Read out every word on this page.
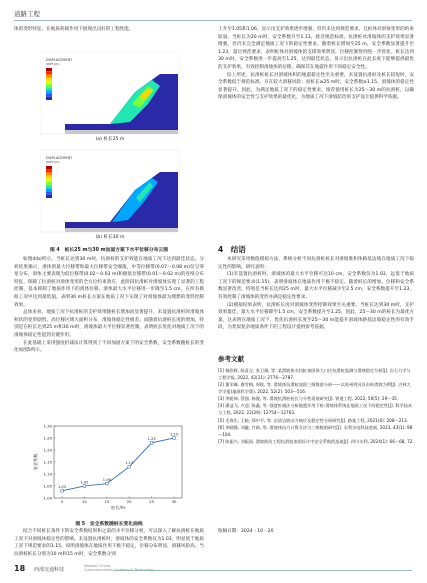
道路工程

体的变形特征，在地质荷载作用下展现出良好的工程性能。

DISPLACEMENT
UNIT (m)
DISPLACEMENT
UNIT (m)
(a) 桩长25 m
(b) 桩长30 m
图 4　桩长25 m与30 m加固方案下水平位移分布云图

如图4(b)所示，当桩长达到30 m时，抗滑桩的支护效能在地质工况下达到最佳状态。分析结果揭示，滑体的最大位移带和最大位移带安全阈值，中等位移带(0.07～0.08 m)仅呈零星分布，滑体主要表现为低位移带(0.02～0.03 m)和极低位移带(0.01～0.02 m)的连续分布特征，保障了抗滑桩对滑体变形的全方位约束效应，此阶段抗滑桩对滑坡体实现了显著的工程控制，基本抑制了地质作用下的滑体位移。滑体最大水平位移进一步降至1.5 cm，在所有模拟工况中达到最低值。表明30 m桩长方案在地质工况下实现了对滑坡体最为理想的变形控制效果。

总体来看，地质工况下抗滑桩的支护效果随桩长增加而显著提升，未设置抗滑桩时滑坡体积状的变形剧烈，高位移区域大面积分布，滑坡体稳定性极差。而随着抗滑桩长度的增加，特别是在桩长达到25 m和30 m时，滑坡体最大平位移显著控制，表明桩长优化对地质工况下的滑坡体稳定性起到关键作用。

在此基础上采用强度折减法计算得到了不同加固方案下的安全系数，安全系数随桩长的变化如图5所示。

桩长/m
安全系数
1.00
1.05
1.10
1.15
1.20
1.25
1.30
0	10	15	20	25	30
1.03
1.05
1.06
1.13
1.23
1.25
图 5　安全系数随桩长变化曲线

结合不同桩长条件下的安全系数结果和之前的水平位移分析，可以深入了解抗滑桩在地质工况下对滑坡体稳定性的影响。未设置抗滑桩时，滑坡体的安全系数仅为1.03，明显低于地质工况下规范要求的1.15，说明滑坡体在地质作用下极不稳定，位移分布明显，滑移风险高。当抗滑桩桩长分别为10 m和15 m时，安全系数分别

上升至1.05和1.06，显示出支护效果逐步增强，但仍未达到规范要求，且桩体对滑体变形的约束较弱。当桩长为20 m时，安全系数升至1.13，接近规范标准，抗滑桩对滑坡体的支护效果显著增强，但仍未完全满足地质工况下的稳定性要求。随着桩长增加至25 m，安全系数显著提升至1.23，超过规范要求，表明桩体对滑坡体的支撑效果明显，位移控制得到进一步优化。桩长达到30 m时，安全系数进一步提高至1.25，达到最佳状态，显示出抗滑桩在此长度下能够提供最优的支护效果，有效控制滑坡体的位移，确保其在地震作用下的稳定安全性。

综上所述，抗滑桩桩长对滑坡体积的地震稳定性至关重要，未设置抗滑桩及桩长较短时，安全系数低于规范标准，存在较大滑移风险；而桩长≥25 m时，安全系数≥1.15，滑坡体的稳定性显著提升。因此，为满足地质工况下的稳定性要求，推荐使用桩长为25～30 m的抗滑桩，以确保滑坡体的安全性与支护效果的最优化，为地质工况下滑坡防治的支护设计提供科学依据。

4　结语

本研究采用数值模拟方法，系统分析不同抗滑桩桩长对滑坡堆积体路基边坡在地质工况下稳定性的影响。研究表明：

(1)未设置抗滑桩时，滑坡体的最大水平位移可达10 cm，安全系数仅为1.03，远低于地质工况下的规范要求(1.15)，表明滑坡体在地质作用下极不稳定。随着桩长的增加，位移和安全系数显著改善，特别是当桩长达到25 m时，最大水平位移减少至2.5 cm，安全系数提升至1.23，有效控制了滑坡体的变形并满足稳定性要求。

(2)模拟结果表明，抗滑桩长度对滑坡体变形控制效果至关重要。当桩长达到30 m时，支护效果最佳，最大水平位移降至1.5 cm，安全系数提升至1.25，因此，25～30 m的桩长为最优方案，这表明在地质工况下，优化抗滑桩长度至25～30 m能提升滑坡体路基边坡稳定性的有效手段，为类似复杂地质条件下的工程设计提供参考依据。

参考文献
[1] 杨欧辉, 陈喜全, 张卫雄, 等. 某滑坡体支挡桩加固体大口径抗滑桩监测与滑坡稳定分析[J]. 岩石力学与工程学报, 2022, 42(11): 2776～2787.
[2] 董军峰, 唐雪梅, 周锐, 等. 滑坡体抗滑桩加固三维数值分析——以贵州剑河县东岭滑坡为例[J]. 吉林大学学报(地球科学版), 2022, 52(2): 503～516.
[3] 李乾坤, 蔡强, 杨俊, 等. 滑坡抗滑桩桩长与分性质规研究[J]. 铁道工程, 2022, 50(5): 29～35.
[4] 潘益飞, 卢迎, 陈鑫, 等. 强度折减法分析地震作用下桩-滑坡体系统在地质工况下的稳定性[J]. 科学技术与工程, 2022, 22(29): 12754～12763.
[5] 毛春生, 王晓, 郑中平, 等. 岩质边坡动力响应及稳定性分析研究[J]. 路基工程, 2021(6): 208～213.
[6] 李晓静, 刘徽, 甘新, 等. 滑坡体抗力计算方法与三维数值研究[J]. 水利水电科技进展, 2023, 43(1): 98～104.
[7] 陈振兴, 刘振国. 滑坡防治工程抗滑桩加固设计中安全系数的选取[J]. 四川水利, 2024(1): 66～68, 72.
收稿日期：2024 - 10 - 20
18 西部交通科技
Western China
Communications Science & Technology
